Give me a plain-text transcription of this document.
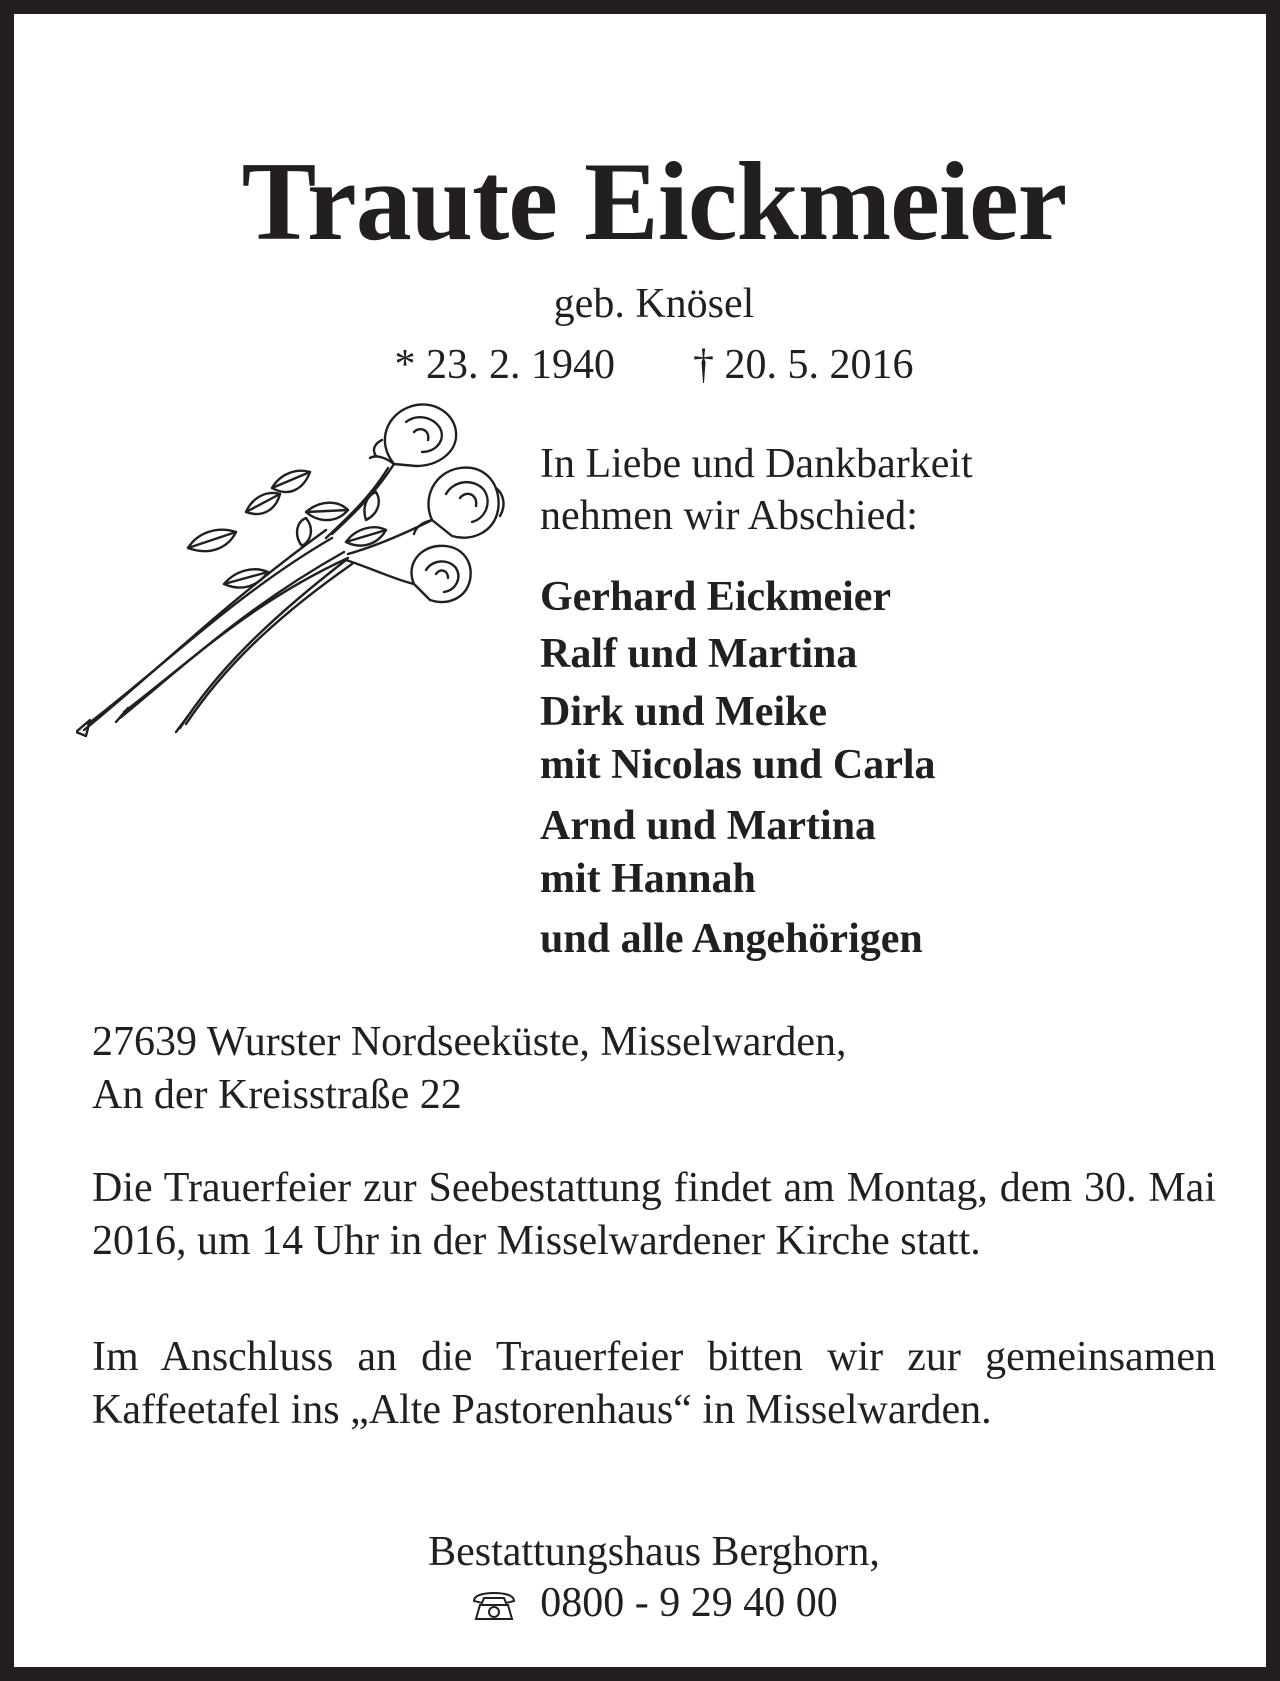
Traute Eickmeier

geb. Knösel

* 23. 2. 1940 † 20. 5. 2016

In Liebe und Dankbarkeit
nehmen wir Abschied:
Gerhard Eickmeier
Ralf und Martina
Dirk und Meike
mit Nicolas und Carla
Arnd und Martina
mit Hannah
und alle Angehörigen
27639 Wurster Nordseeküste, Misselwarden,
An der Kreisstraße 22

Die Trauerfeier zur Seebestattung findet am Montag, dem 30. Mai 2016, um 14 Uhr in der Misselwardener Kirche statt.

Im Anschluss an die Trauerfeier bitten wir zur gemeinsamen Kaffeetafel ins „Alte Pastorenhaus“ in Misselwarden.

Bestattungshaus Berghorn,
0800 - 9 29 40 00
